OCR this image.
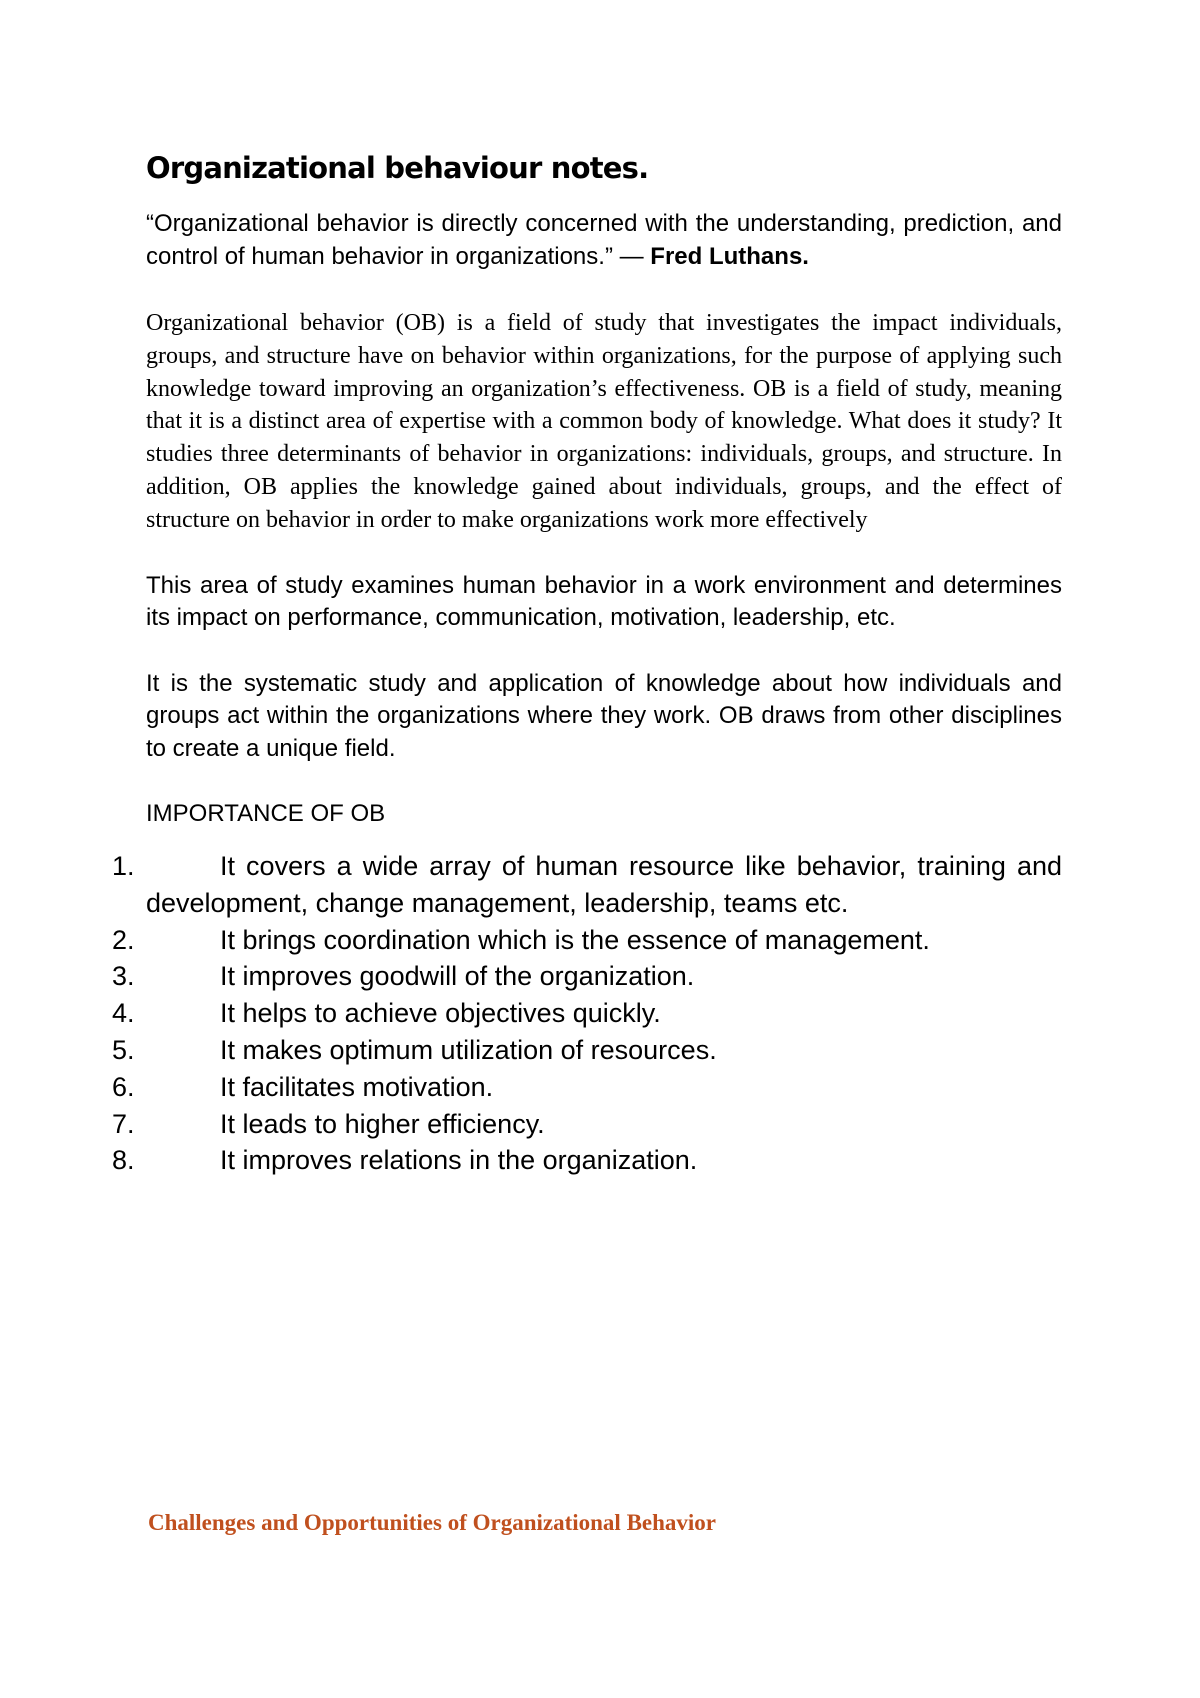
Organizational behaviour notes.

“Organizational behavior is directly concerned with the understanding, prediction, and control of human behavior in organizations.” — Fred Luthans.

Organizational behavior (OB) is a field of study that investigates the impact individuals, groups, and structure have on behavior within organizations, for the purpose of applying such knowledge toward improving an organization’s effectiveness. OB is a field of study, meaning that it is a distinct area of expertise with a common body of knowledge. What does it study? It studies three determinants of behavior in organizations: individuals, groups, and structure. In addition, OB applies the knowledge gained about individuals, groups, and the effect of structure on behavior in order to make organizations work more effectively

This area of study examines human behavior in a work environment and determines its impact on performance, communication, motivation, leadership, etc.

It is the systematic study and application of knowledge about how individuals and groups act within the organizations where they work. OB draws from other disciplines to create a unique field.

IMPORTANCE OF OB
1.	It covers a wide array of human resource like behavior, training and development, change management, leadership, teams etc.
2.	It brings coordination which is the essence of management.
3.	It improves goodwill of the organization.
4.	It helps to achieve objectives quickly.
5.	It makes optimum utilization of resources.
6.	It facilitates motivation.
7.	It leads to higher efficiency.
8.	It improves relations in the organization.
Challenges and Opportunities of Organizational Behavior
